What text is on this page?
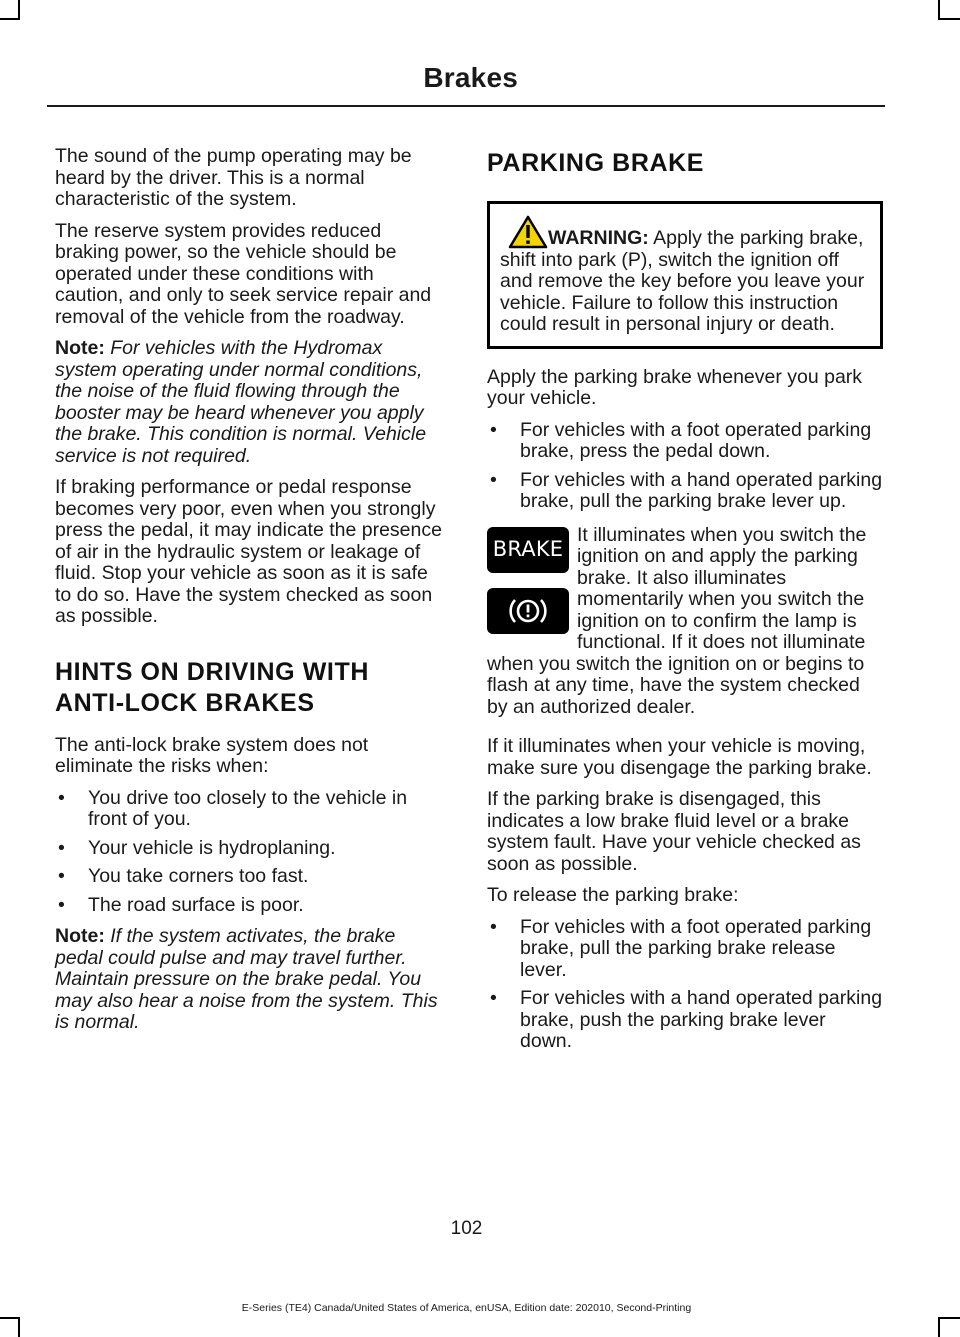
Brakes

The sound of the pump operating may be heard by the driver. This is a normal characteristic of the system.

The reserve system provides reduced braking power, so the vehicle should be operated under these conditions with caution, and only to seek service repair and removal of the vehicle from the roadway.

Note: For vehicles with the Hydromax system operating under normal conditions, the noise of the fluid flowing through the booster may be heard whenever you apply the brake. This condition is normal. Vehicle service is not required.

If braking performance or pedal response becomes very poor, even when you strongly press the pedal, it may indicate the presence of air in the hydraulic system or leakage of fluid. Stop your vehicle as soon as it is safe to do so. Have the system checked as soon as possible.

HINTS ON DRIVING WITH
ANTI-LOCK BRAKES

The anti-lock brake system does not eliminate the risks when:

• You drive too closely to the vehicle in front of you.
• Your vehicle is hydroplaning.
• You take corners too fast.
• The road surface is poor.

Note: If the system activates, the brake pedal could pulse and may travel further. Maintain pressure on the brake pedal. You may also hear a noise from the system. This is normal.

PARKING BRAKE
WARNING: Apply the parking brake, shift into park (P), switch the ignition off and remove the key before you leave your vehicle. Failure to follow this instruction could result in personal injury or death.

Apply the parking brake whenever you park your vehicle.

• For vehicles with a foot operated parking brake, press the pedal down.
• For vehicles with a hand operated parking brake, pull the parking brake lever up.
BRAKE

It illuminates when you switch the ignition on and apply the parking brake. It also illuminates momentarily when you switch the ignition on to confirm the lamp is functional. If it does not illuminate when you switch the ignition on or begins to flash at any time, have the system checked by an authorized dealer.

If it illuminates when your vehicle is moving, make sure you disengage the parking brake.

If the parking brake is disengaged, this indicates a low brake fluid level or a brake system fault. Have your vehicle checked as soon as possible.

To release the parking brake:

• For vehicles with a foot operated parking brake, pull the parking brake release lever.
• For vehicles with a hand operated parking brake, push the parking brake lever down.
102
E-Series (TE4) Canada/United States of America, enUSA, Edition date: 202010, Second-Printing
